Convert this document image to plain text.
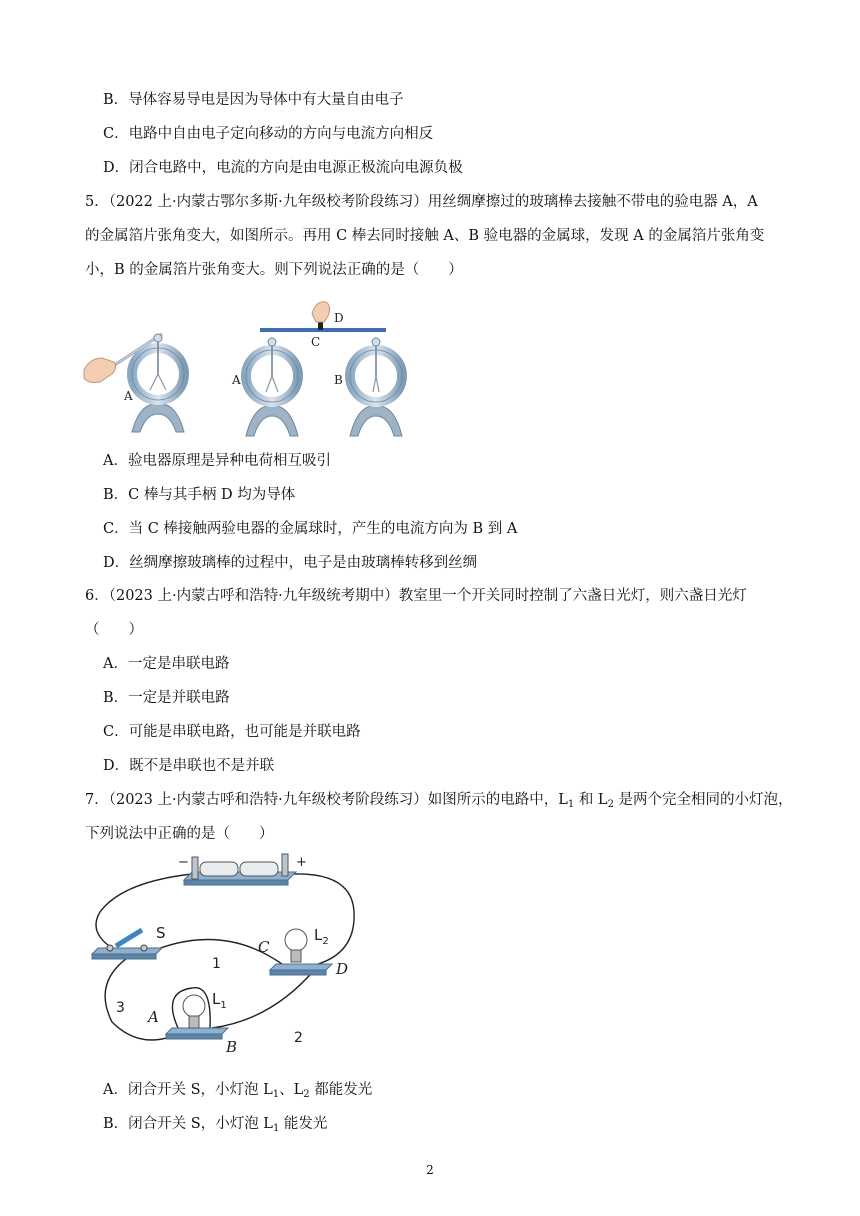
B．导体容易导电是因为导体中有大量自由电子
C．电路中自由电子定向移动的方向与电流方向相反
D．闭合电路中，电流的方向是由电源正极流向电源负极
5．（2022 上·内蒙古鄂尔多斯·九年级校考阶段练习）用丝绸摩擦过的玻璃棒去接触不带电的验电器 A，A
的金属箔片张角变大，如图所示。再用 C 棒去同时接触 A、B 验电器的金属球，发现 A 的金属箔片张角变
小，B 的金属箔片张角变大。则下列说法正确的是（　　）
A
D
C
A	B
A．验电器原理是异种电荷相互吸引
B．C 棒与其手柄 D 均为导体
C．当 C 棒接触两验电器的金属球时，产生的电流方向为 B 到 A
D．丝绸摩擦玻璃棒的过程中，电子是由玻璃棒转移到丝绸
6．（2023 上·内蒙古呼和浩特·九年级统考期中）教室里一个开关同时控制了六盏日光灯，则六盏日光灯
（　　）
A．一定是串联电路
B．一定是并联电路
C．可能是串联电路，也可能是并联电路
D．既不是串联也不是并联
7．（2023 上·内蒙古呼和浩特·九年级校考阶段练习）如图所示的电路中，$L_1$ 和 $L_2$ 是两个完全相同的小灯泡，
下列说法中正确的是（　　）
−	+
S
C
$L_2$
D
1
3
2
A
$L_1$
B
A．闭合开关 S，小灯泡 $L_1$、$L_2$ 都能发光
B．闭合开关 S，小灯泡 $L_1$ 能发光
2
